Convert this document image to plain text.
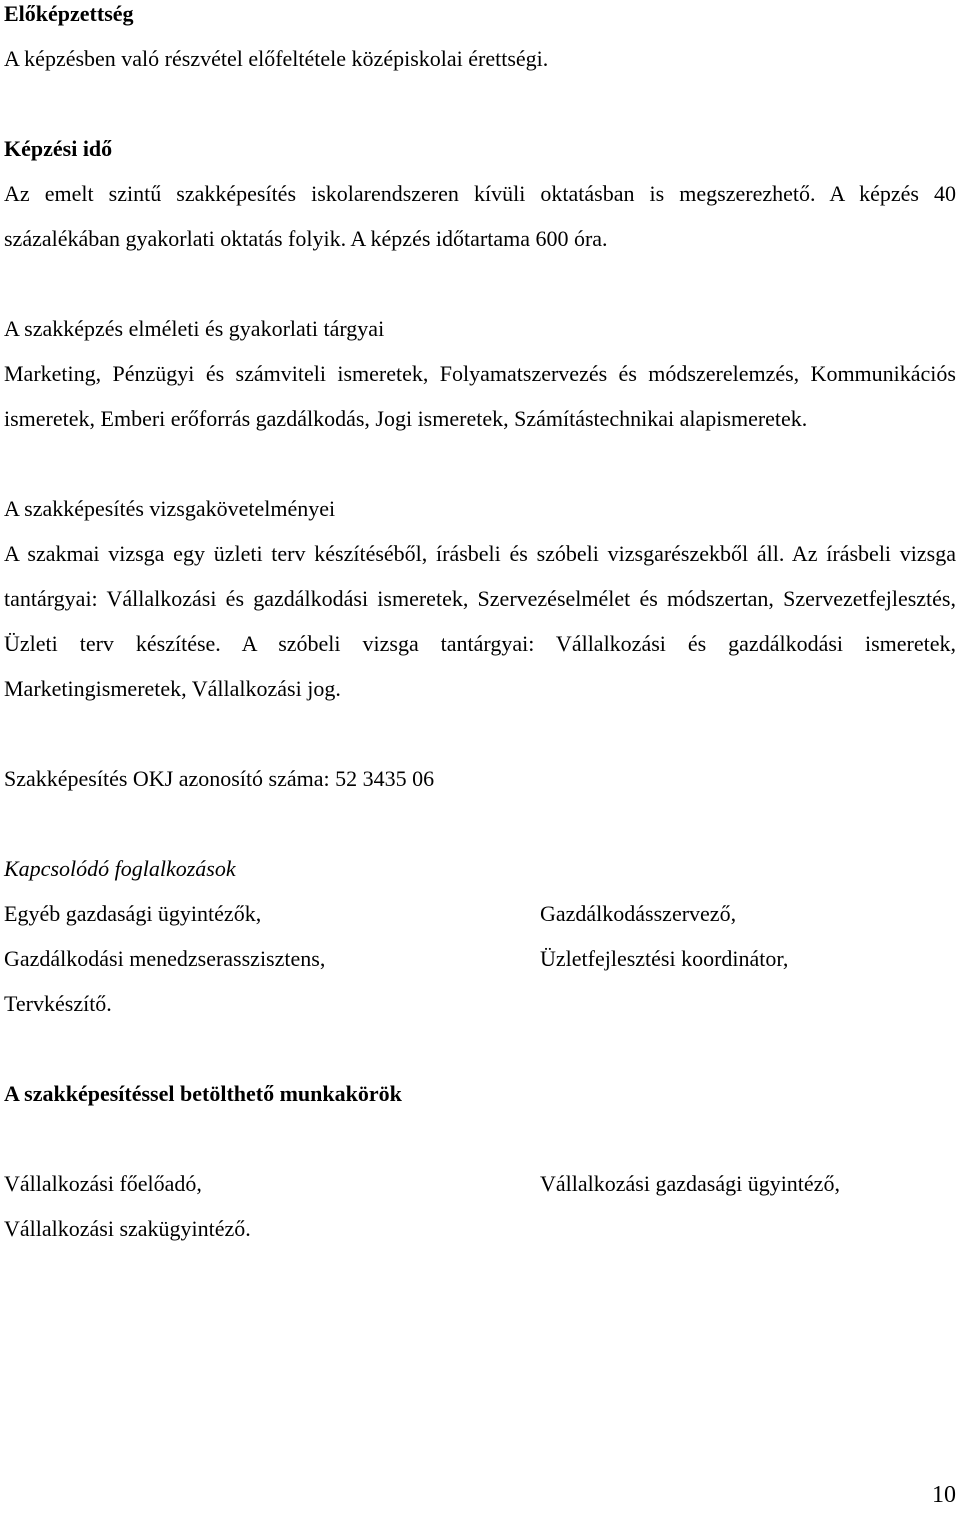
Előképzettség

A képzésben való részvétel előfeltétele középiskolai érettségi.

Képzési idő

Az emelt szintű szakképesítés iskolarendszeren kívüli oktatásban is megszerezhető. A képzés 40 százalékában gyakorlati oktatás folyik. A képzés időtartama 600 óra.

A szakképzés elméleti és gyakorlati tárgyai

Marketing, Pénzügyi és számviteli ismeretek, Folyamatszervezés és módszerelemzés, Kommunikációs ismeretek, Emberi erőforrás gazdálkodás, Jogi ismeretek, Számítástechnikai alapismeretek.

A szakképesítés vizsgakövetelményei

A szakmai vizsga egy üzleti terv készítéséből, írásbeli és szóbeli vizsgarészekből áll. Az írásbeli vizsga tantárgyai: Vállalkozási és gazdálkodási ismeretek, Szervezéselmélet és módszertan, Szervezetfejlesztés, Üzleti terv készítése. A szóbeli vizsga tantárgyai: Vállalkozási és gazdálkodási ismeretek, Marketingismeretek, Vállalkozási jog.

Szakképesítés OKJ azonosító száma: 52 3435 06

Kapcsolódó foglalkozások

Egyéb gazdasági ügyintézők,

Gazdálkodási menedzserasszisztens,

Tervkészítő.

Gazdálkodásszervező,

Üzletfejlesztési koordinátor,

A szakképesítéssel betölthető munkakörök

Vállalkozási főelőadó,

Vállalkozási szakügyintéző.

Vállalkozási gazdasági ügyintéző,

10
